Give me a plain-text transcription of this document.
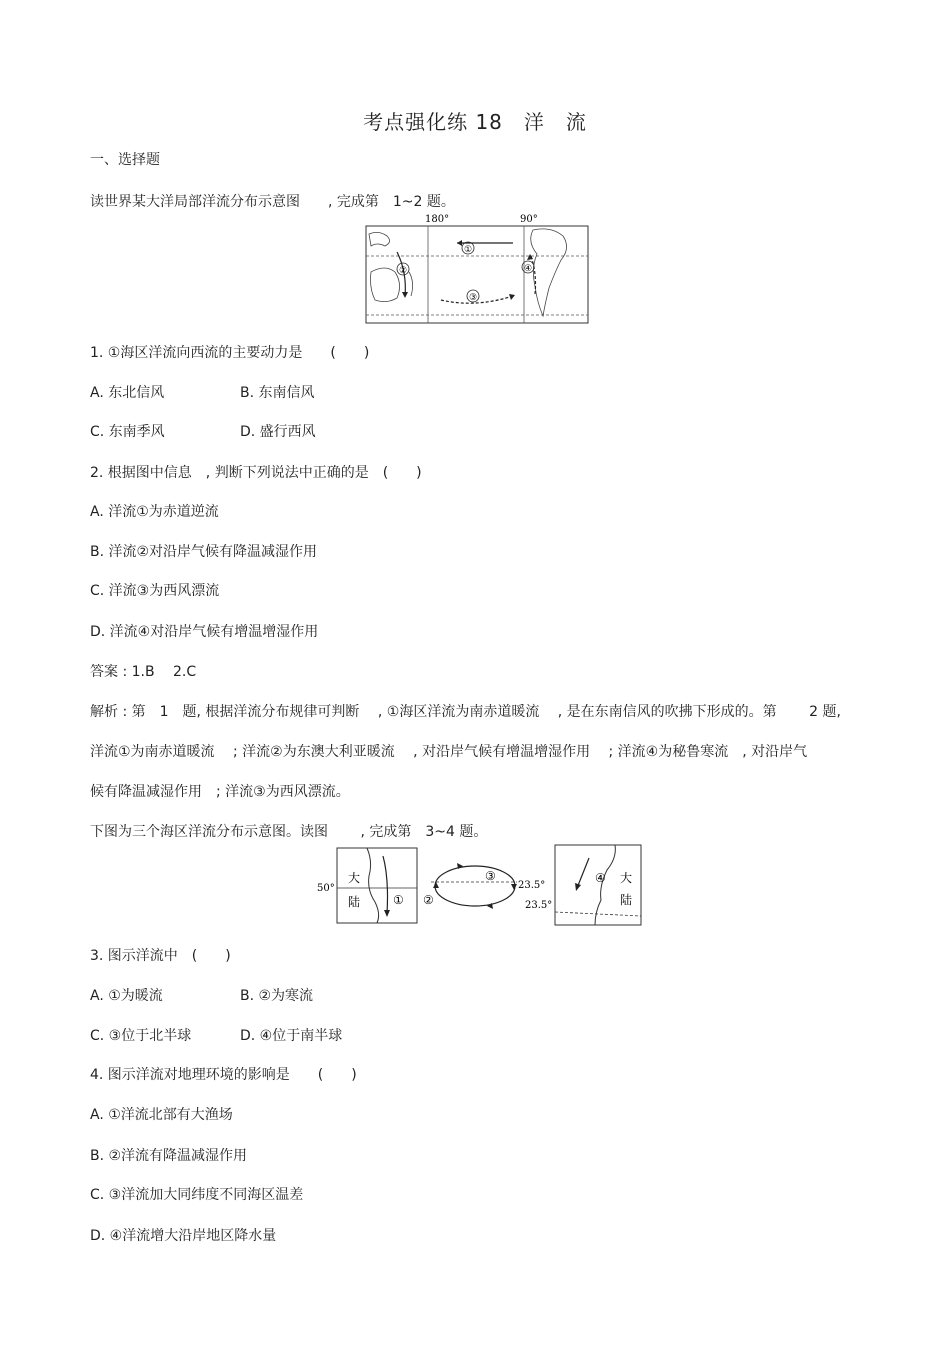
考点强化练 18　洋　流
一、选择题
读世界某大洋局部洋流分布示意图　　, 完成第　1~2 题。
180°	90°
①
②
③
④
1. ①海区洋流向西流的主要动力是　　(　　)
A. 东北信风	B. 东南信风
C. 东南季风	D. 盛行西风
2. 根据图中信息　, 判断下列说法中正确的是　(　　)
A. 洋流①为赤道逆流
B. 洋流②对沿岸气候有降温减湿作用
C. 洋流③为西风漂流
D. 洋流④对沿岸气候有增温增湿作用
答案 : 1.B　 2.C
解析 : 第　1　题, 根据洋流分布规律可判断　 , ①海区洋流为南赤道暖流　 , 是在东南信风的吹拂下形成的。第　　 2 题,
洋流①为南赤道暖流　 ; 洋流②为东澳大利亚暖流　 , 对沿岸气候有增温增湿作用　 ; 洋流④为秘鲁寒流　, 对沿岸气
候有降温减湿作用　; 洋流③为西风漂流。
下图为三个海区洋流分布示意图。读图　　 , 完成第　3~4 题。
50°
大
陆	①
③
②
23.5°
23.5°
大
陆
④
3. 图示洋流中　(　　)
A. ①为暖流	B. ②为寒流
C. ③位于北半球	D. ④位于南半球
4. 图示洋流对地理环境的影响是　　(　　)
A. ①洋流北部有大渔场
B. ②洋流有降温减湿作用
C. ③洋流加大同纬度不同海区温差
D. ④洋流增大沿岸地区降水量
